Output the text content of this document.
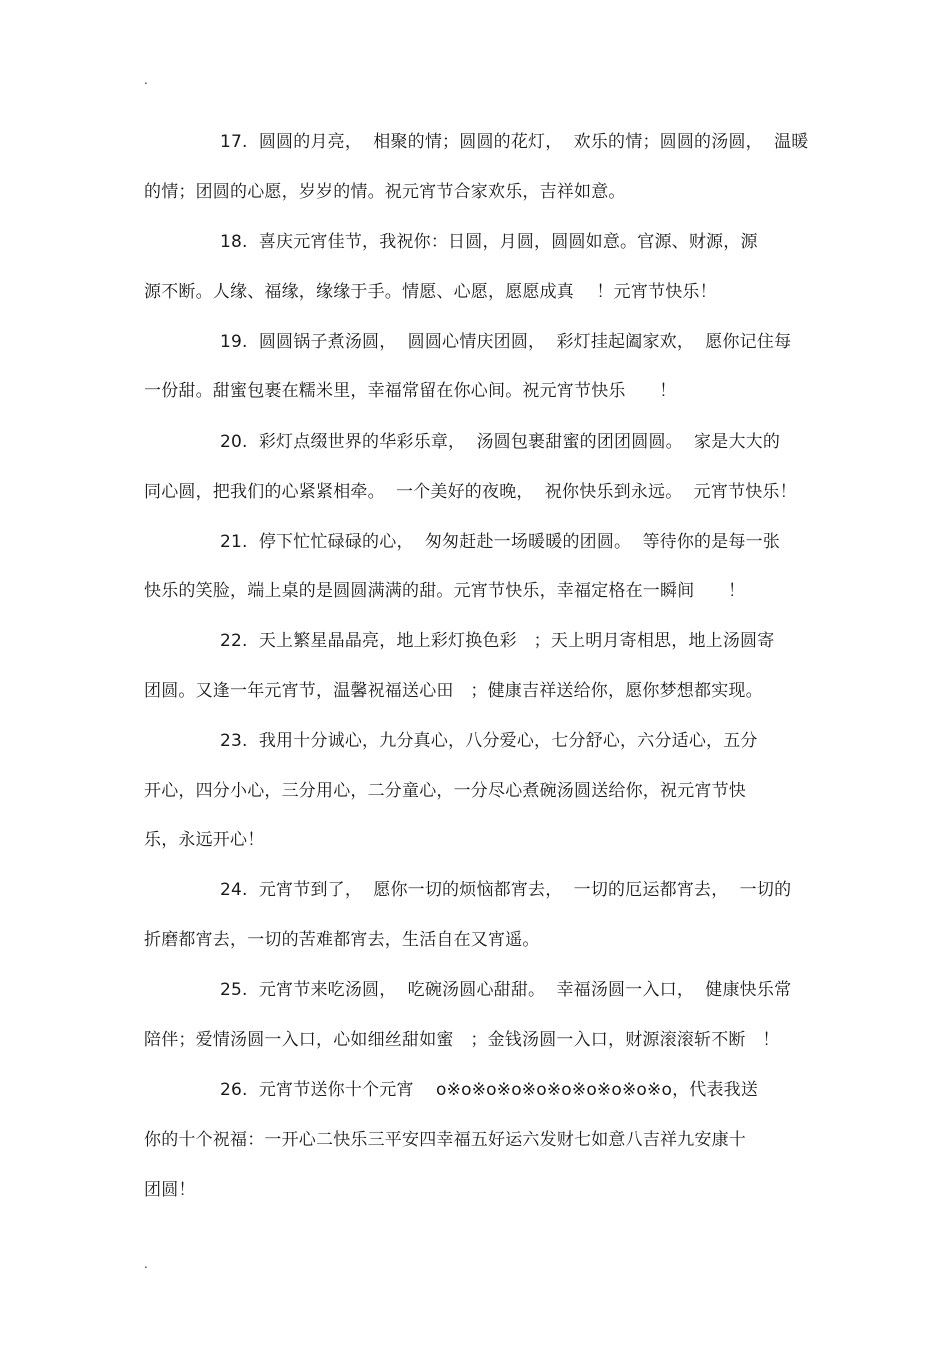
.
17.  圆圆的月亮，  相聚的情；圆圆的花灯，  欢乐的情；圆圆的汤圆，  温暖
的情；团圆的心愿，岁岁的情。祝元宵节合家欢乐，吉祥如意。
18.  喜庆元宵佳节，我祝你：日圆，月圆，圆圆如意。官源、财源，源
源不断。人缘、福缘，缘缘于手。情愿、心愿，愿愿成真    ！元宵节快乐！
19.  圆圆锅子煮汤圆，  圆圆心情庆团圆，  彩灯挂起阖家欢，  愿你记住每
一份甜。甜蜜包裹在糯米里，幸福常留在你心间。祝元宵节快乐      ！
20.  彩灯点缀世界的华彩乐章，  汤圆包裹甜蜜的团团圆圆。  家是大大的
同心圆，把我们的心紧紧相牵。  一个美好的夜晚，  祝你快乐到永远。  元宵节快乐！
21.  停下忙忙碌碌的心，  匆匆赶赴一场暖暖的团圆。  等待你的是每一张
快乐的笑脸，端上桌的是圆圆满满的甜。元宵节快乐，幸福定格在一瞬间      ！
22.  天上繁星晶晶亮，地上彩灯换色彩   ；天上明月寄相思，地上汤圆寄
团圆。又逢一年元宵节，温馨祝福送心田   ；健康吉祥送给你，愿你梦想都实现。
23.  我用十分诚心，九分真心，八分爱心，七分舒心，六分适心，五分
开心，四分小心，三分用心，二分童心，一分尽心煮碗汤圆送给你，祝元宵节快
乐，永远开心！
24.  元宵节到了，  愿你一切的烦恼都宵去，  一切的厄运都宵去，  一切的
折磨都宵去，一切的苦难都宵去，生活自在又宵遥。
25.  元宵节来吃汤圆，  吃碗汤圆心甜甜。  幸福汤圆一入口，  健康快乐常
陪伴；爱情汤圆一入口，心如细丝甜如蜜   ；金钱汤圆一入口，财源滚滚斩不断   ！
26.  元宵节送你十个元宵    o※o※o※o※o※o※o※o※o※o，代表我送
你的十个祝福：一开心二快乐三平安四幸福五好运六发财七如意八吉祥九安康十
团圆！
.
